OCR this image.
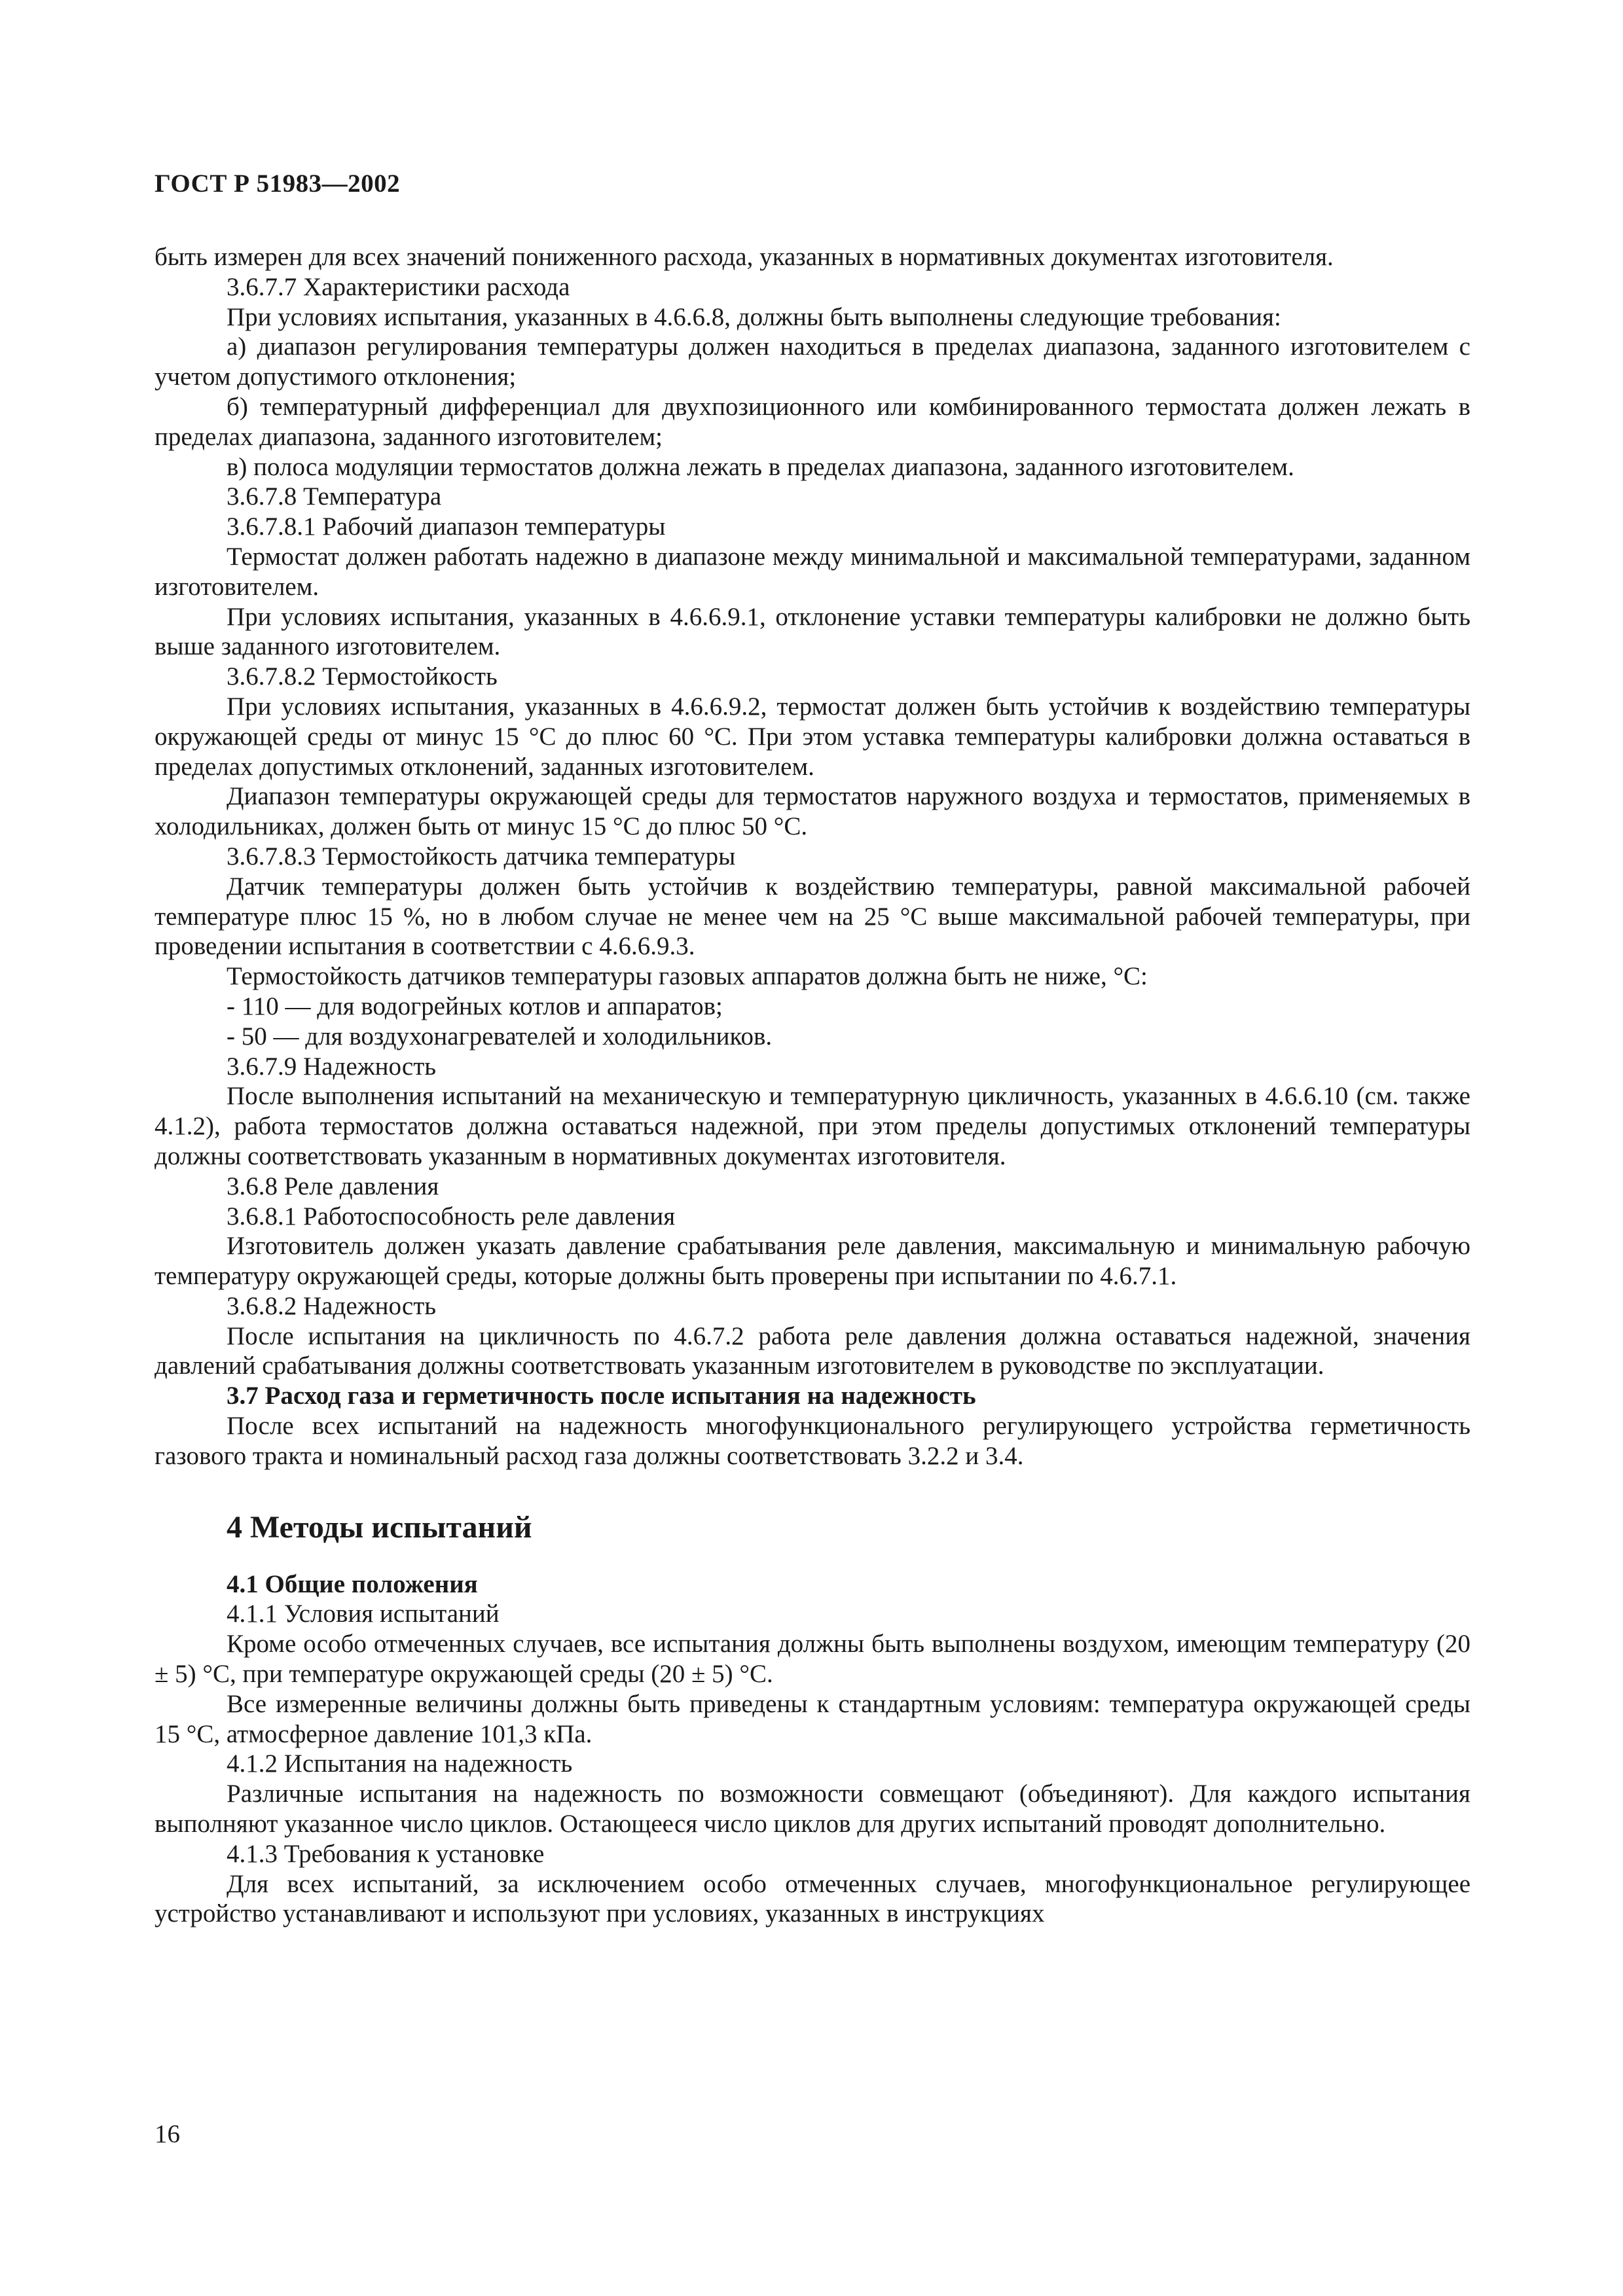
ГОСТ Р 51983—2002

быть измерен для всех значений пониженного расхода, указанных в нормативных документах изготовителя.

3.6.7.7 Характеристики расхода

При условиях испытания, указанных в 4.6.6.8, должны быть выполнены следующие требования:

а) диапазон регулирования температуры должен находиться в пределах диапазона, заданного изготовителем с учетом допустимого отклонения;

б) температурный дифференциал для двухпозиционного или комбинированного термостата должен лежать в пределах диапазона, заданного изготовителем;

в) полоса модуляции термостатов должна лежать в пределах диапазона, заданного изготовителем.

3.6.7.8 Температура

3.6.7.8.1 Рабочий диапазон температуры

Термостат должен работать надежно в диапазоне между минимальной и максимальной температурами, заданном изготовителем.

При условиях испытания, указанных в 4.6.6.9.1, отклонение уставки температуры калибровки не должно быть выше заданного изготовителем.

3.6.7.8.2 Термостойкость

При условиях испытания, указанных в 4.6.6.9.2, термостат должен быть устойчив к воздействию температуры окружающей среды от минус 15 °С до плюс 60 °С. При этом уставка температуры калибровки должна оставаться в пределах допустимых отклонений, заданных изготовителем.

Диапазон температуры окружающей среды для термостатов наружного воздуха и термостатов, применяемых в холодильниках, должен быть от минус 15 °С до плюс 50 °С.

3.6.7.8.3 Термостойкость датчика температуры

Датчик температуры должен быть устойчив к воздействию температуры, равной максимальной рабочей температуре плюс 15 %, но в любом случае не менее чем на 25 °С выше максимальной рабочей температуры, при проведении испытания в соответствии с 4.6.6.9.3.

Термостойкость датчиков температуры газовых аппаратов должна быть не ниже, °С:

- 110 — для водогрейных котлов и аппаратов;

- 50 — для воздухонагревателей и холодильников.

3.6.7.9 Надежность

После выполнения испытаний на механическую и температурную цикличность, указанных в 4.6.6.10 (см. также 4.1.2), работа термостатов должна оставаться надежной, при этом пределы допустимых отклонений температуры должны соответствовать указанным в нормативных документах изготовителя.

3.6.8 Реле давления

3.6.8.1 Работоспособность реле давления

Изготовитель должен указать давление срабатывания реле давления, максимальную и минимальную рабочую температуру окружающей среды, которые должны быть проверены при испытании по 4.6.7.1.

3.6.8.2 Надежность

После испытания на цикличность по 4.6.7.2 работа реле давления должна оставаться надежной, значения давлений срабатывания должны соответствовать указанным изготовителем в руководстве по эксплуатации.

3.7 Расход газа и герметичность после испытания на надежность

После всех испытаний на надежность многофункционального регулирующего устройства герметичность газового тракта и номинальный расход газа должны соответствовать 3.2.2 и 3.4.

4 Методы испытаний

4.1 Общие положения

4.1.1 Условия испытаний

Кроме особо отмеченных случаев, все испытания должны быть выполнены воздухом, имеющим температуру (20 ± 5) °С, при температуре окружающей среды (20 ± 5) °С.

Все измеренные величины должны быть приведены к стандартным условиям: температура окружающей среды 15 °С, атмосферное давление 101,3 кПа.

4.1.2 Испытания на надежность

Различные испытания на надежность по возможности совмещают (объединяют). Для каждого испытания выполняют указанное число циклов. Остающееся число циклов для других испытаний проводят дополнительно.

4.1.3 Требования к установке

Для всех испытаний, за исключением особо отмеченных случаев, многофункциональное регулирующее устройство устанавливают и используют при условиях, указанных в инструкциях

16
